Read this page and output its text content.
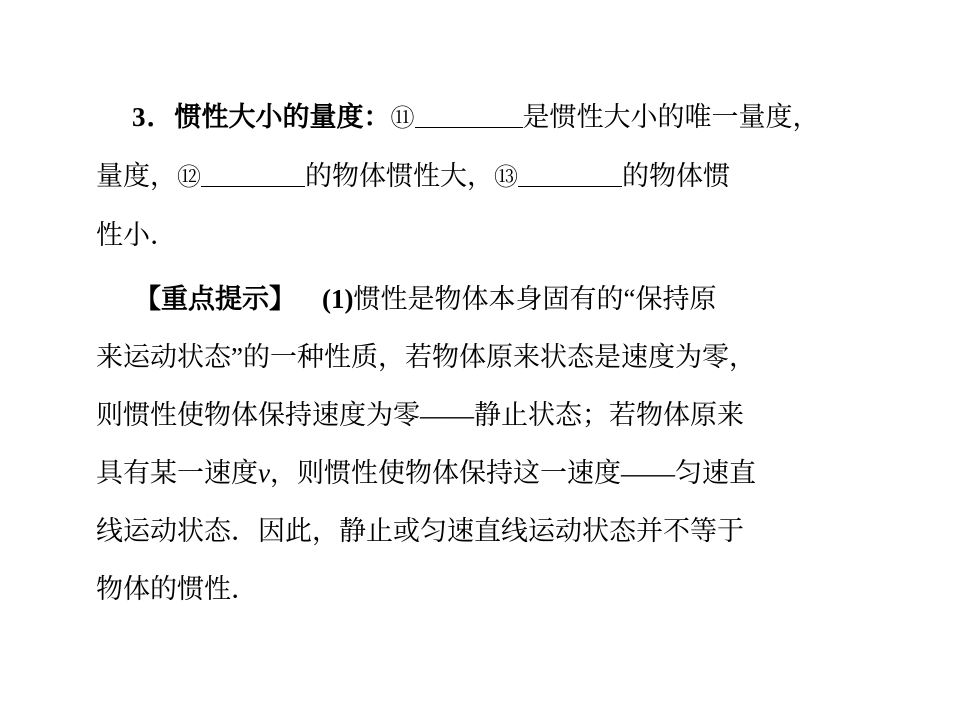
3．惯性大小的量度：⑪	是惯性大小的唯一量度，
量度，⑫	的物体惯性大，⑬	的物体惯
性小．
【重点提示】 (1)惯性是物体本身固有的“保持原
来运动状态”的一种性质，若物体原来状态是速度为零，
则惯性使物体保持速度为零——静止状态；若物体原来
具有某一速度v，则惯性使物体保持这一速度——匀速直
线运动状态．因此，静止或匀速直线运动状态并不等于
物体的惯性．
